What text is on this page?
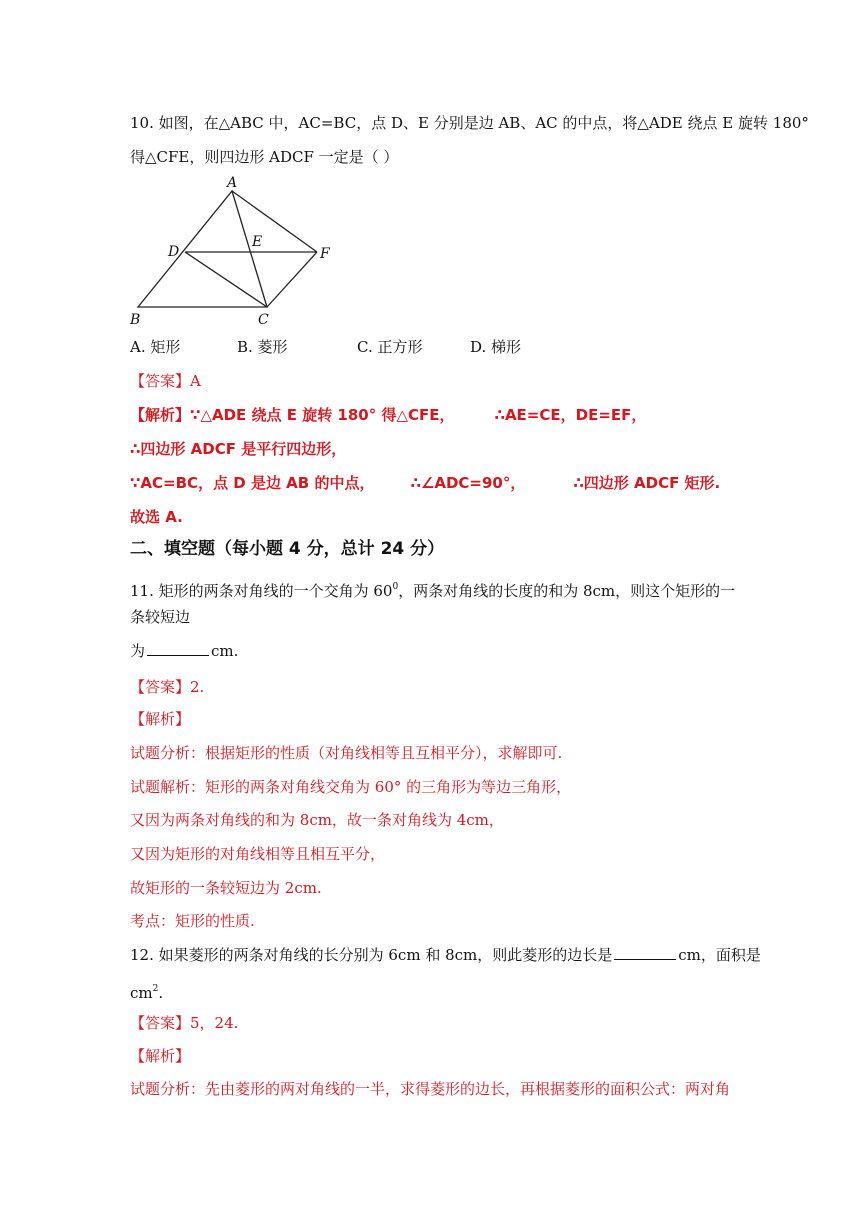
10. 如图，在△ABC 中，AC=BC，点 D、E 分别是边 AB、AC 的中点，将△ADE 绕点 E 旋转 180°
得△CFE，则四边形 ADCF 一定是（ ）
A
B	C
D
E
F
A. 矩形	B. 菱形	C. 正方形	D. 梯形
【答案】A
【解析】∵△ADE 绕点 E 旋转 180° 得△CFE，	∴AE=CE，DE=EF，
∴四边形 ADCF 是平行四边形，
∵AC=BC，点 D 是边 AB 的中点， ∴∠ADC=90°，	∴四边形 ADCF 矩形.
故选 A.
二、填空题（每小题 4 分，总计 24 分）
11. 矩形的两条对角线的一个交角为 $60^0$，两条对角线的长度的和为 8cm，则这个矩形的一
条较短边
为	cm.
【答案】2.
【解析】
试题分析：根据矩形的性质（对角线相等且互相平分），求解即可.
试题解析：矩形的两条对角线交角为 60° 的三角形为等边三角形，
又因为两条对角线的和为 8cm，故一条对角线为 4cm，
又因为矩形的对角线相等且相互平分，
故矩形的一条较短边为 2cm.
考点：矩形的性质.
12. 如果菱形的两条对角线的长分别为 6cm 和 8cm，则此菱形的边长是	cm，面积是
$cm^2$.
【答案】5，24.
【解析】
试题分析：先由菱形的两对角线的一半，求得菱形的边长，再根据菱形的面积公式：两对角
